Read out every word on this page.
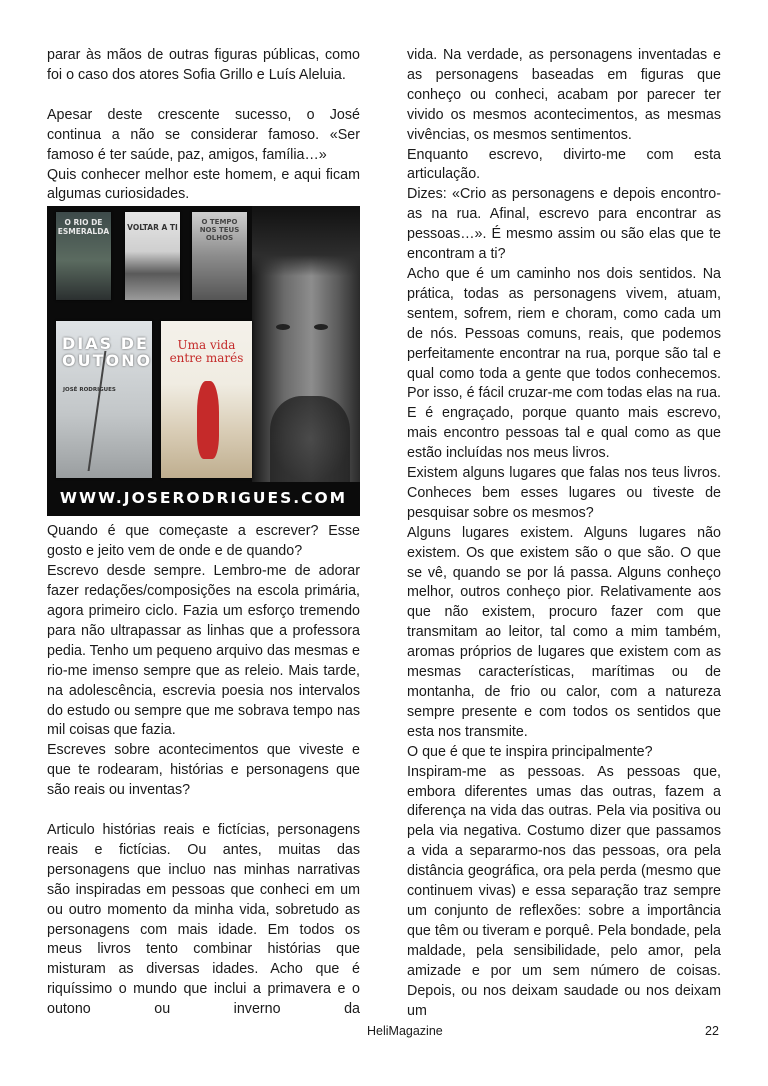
parar às mãos de outras figuras públicas, como foi o caso dos atores Sofia Grillo e Luís Aleluia.

Apesar deste crescente sucesso, o José continua a não se considerar famoso. «Ser famoso é ter saúde, paz, amigos, família…»

Quis conhecer melhor este homem, e aqui ficam algumas curiosidades.

O RIO DE ESMERALDA VOLTAR A TI
O TEMPO NOS TEUS OLHOS
DIAS DE OUTONO
JOSÉ RODRIGUES
Uma vida entre marés
WWW.JOSERODRIGUES.COM

Quando é que começaste a escrever? Esse gosto e jeito vem de onde e de quando?

Escrevo desde sempre. Lembro-me de adorar fazer redações/composições na escola primária, agora primeiro ciclo. Fazia um esforço tremendo para não ultrapassar as linhas que a professora pedia. Tenho um pequeno arquivo das mesmas e rio-me imenso sempre que as releio. Mais tarde, na adolescência, escrevia poesia nos intervalos do estudo ou sempre que me sobrava tempo nas mil coisas que fazia.

Escreves sobre acontecimentos que viveste e que te rodearam, histórias e personagens que são reais ou inventas?

Articulo histórias reais e fictícias, personagens reais e fictícias. Ou antes, muitas das personagens que incluo nas minhas narrativas são inspiradas em pessoas que conheci em um ou outro momento da minha vida, sobretudo as personagens com mais idade. Em todos os meus livros tento combinar histórias que misturam as diversas idades. Acho que é riquíssimo o mundo que inclui a primavera e o outono ou inverno da

vida. Na verdade, as personagens inventadas e as personagens baseadas em figuras que conheço ou conheci, acabam por parecer ter vivido os mesmos acontecimentos, as mesmas vivências, os mesmos sentimentos.

Enquanto escrevo, divirto-me com esta articulação.

Dizes: «Crio as personagens e depois encontro-as na rua. Afinal, escrevo para encontrar as pessoas…». É mesmo assim ou são elas que te encontram a ti?

Acho que é um caminho nos dois sentidos. Na prática, todas as personagens vivem, atuam, sentem, sofrem, riem e choram, como cada um de nós. Pessoas comuns, reais, que podemos perfeitamente encontrar na rua, porque são tal e qual como toda a gente que todos conhecemos. Por isso, é fácil cruzar-me com todas elas na rua. E é engraçado, porque quanto mais escrevo, mais encontro pessoas tal e qual como as que estão incluídas nos meus livros.

Existem alguns lugares que falas nos teus livros. Conheces bem esses lugares ou tiveste de pesquisar sobre os mesmos?

Alguns lugares existem. Alguns lugares não existem. Os que existem são o que são. O que se vê, quando se por lá passa. Alguns conheço melhor, outros conheço pior. Relativamente aos que não existem, procuro fazer com que transmitam ao leitor, tal como a mim também, aromas próprios de lugares que existem com as mesmas características, marítimas ou de montanha, de frio ou calor, com a natureza sempre presente e com todos os sentidos que esta nos transmite.

O que é que te inspira principalmente?

Inspiram-me as pessoas. As pessoas que, embora diferentes umas das outras, fazem a diferença na vida das outras. Pela via positiva ou pela via negativa. Costumo dizer que passamos a vida a separarmo-nos das pessoas, ora pela distância geográfica, ora pela perda (mesmo que continuem vivas) e essa separação traz sempre um conjunto de reflexões: sobre a importância que têm ou tiveram e porquê. Pela bondade, pela maldade, pela sensibilidade, pelo amor, pela amizade e por um sem número de coisas. Depois, ou nos deixam saudade ou nos deixam um

HeliMagazine	22
